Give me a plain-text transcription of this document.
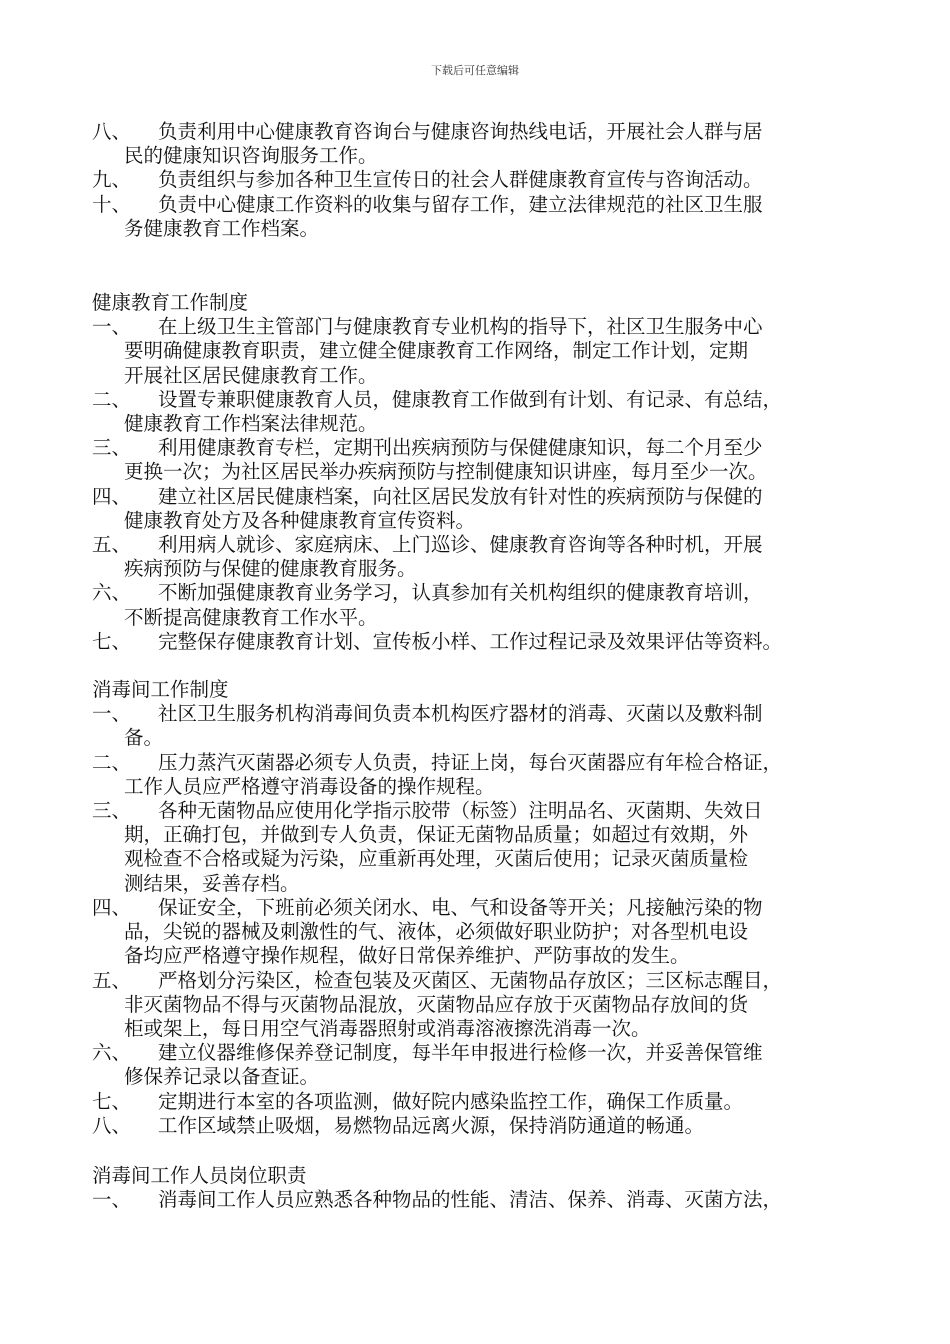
下载后可任意编辑
八、	负责利用中心健康教育咨询台与健康咨询热线电话，开展社会人群与居
民的健康知识咨询服务工作。
九、	负责组织与参加各种卫生宣传日的社会人群健康教育宣传与咨询活动。
十、	负责中心健康工作资料的收集与留存工作，建立法律规范的社区卫生服
务健康教育工作档案。
健康教育工作制度
一、	在上级卫生主管部门与健康教育专业机构的指导下，社区卫生服务中心
要明确健康教育职责，建立健全健康教育工作网络，制定工作计划，定期
开展社区居民健康教育工作。
二、	设置专兼职健康教育人员，健康教育工作做到有计划、有记录、有总结，
健康教育工作档案法律规范。
三、	利用健康教育专栏，定期刊出疾病预防与保健健康知识，每二个月至少
更换一次；为社区居民举办疾病预防与控制健康知识讲座，每月至少一次。
四、	建立社区居民健康档案，向社区居民发放有针对性的疾病预防与保健的
健康教育处方及各种健康教育宣传资料。
五、	利用病人就诊、家庭病床、上门巡诊、健康教育咨询等各种时机，开展
疾病预防与保健的健康教育服务。
六、	不断加强健康教育业务学习，认真参加有关机构组织的健康教育培训，
不断提高健康教育工作水平。
七、	完整保存健康教育计划、宣传板小样、工作过程记录及效果评估等资料。
消毒间工作制度
一、	社区卫生服务机构消毒间负责本机构医疗器材的消毒、灭菌以及敷料制
备。
二、	压力蒸汽灭菌器必须专人负责，持证上岗，每台灭菌器应有年检合格证，
工作人员应严格遵守消毒设备的操作规程。
三、	各种无菌物品应使用化学指示胶带（标签）注明品名、灭菌期、失效日
期，正确打包，并做到专人负责，保证无菌物品质量；如超过有效期，外
观检查不合格或疑为污染，应重新再处理，灭菌后使用；记录灭菌质量检
测结果，妥善存档。
四、	保证安全，下班前必须关闭水、电、气和设备等开关；凡接触污染的物
品，尖锐的器械及刺激性的气、液体，必须做好职业防护；对各型机电设
备均应严格遵守操作规程，做好日常保养维护、严防事故的发生。
五、	严格划分污染区，检查包装及灭菌区、无菌物品存放区；三区标志醒目，
非灭菌物品不得与灭菌物品混放，灭菌物品应存放于灭菌物品存放间的货
柜或架上，每日用空气消毒器照射或消毒溶液擦洗消毒一次。
六、	建立仪器维修保养登记制度，每半年申报进行检修一次，并妥善保管维
修保养记录以备查证。
七、	定期进行本室的各项监测，做好院内感染监控工作，确保工作质量。
八、	工作区域禁止吸烟，易燃物品远离火源，保持消防通道的畅通。
消毒间工作人员岗位职责
一、	消毒间工作人员应熟悉各种物品的性能、清洁、保养、消毒、灭菌方法，
